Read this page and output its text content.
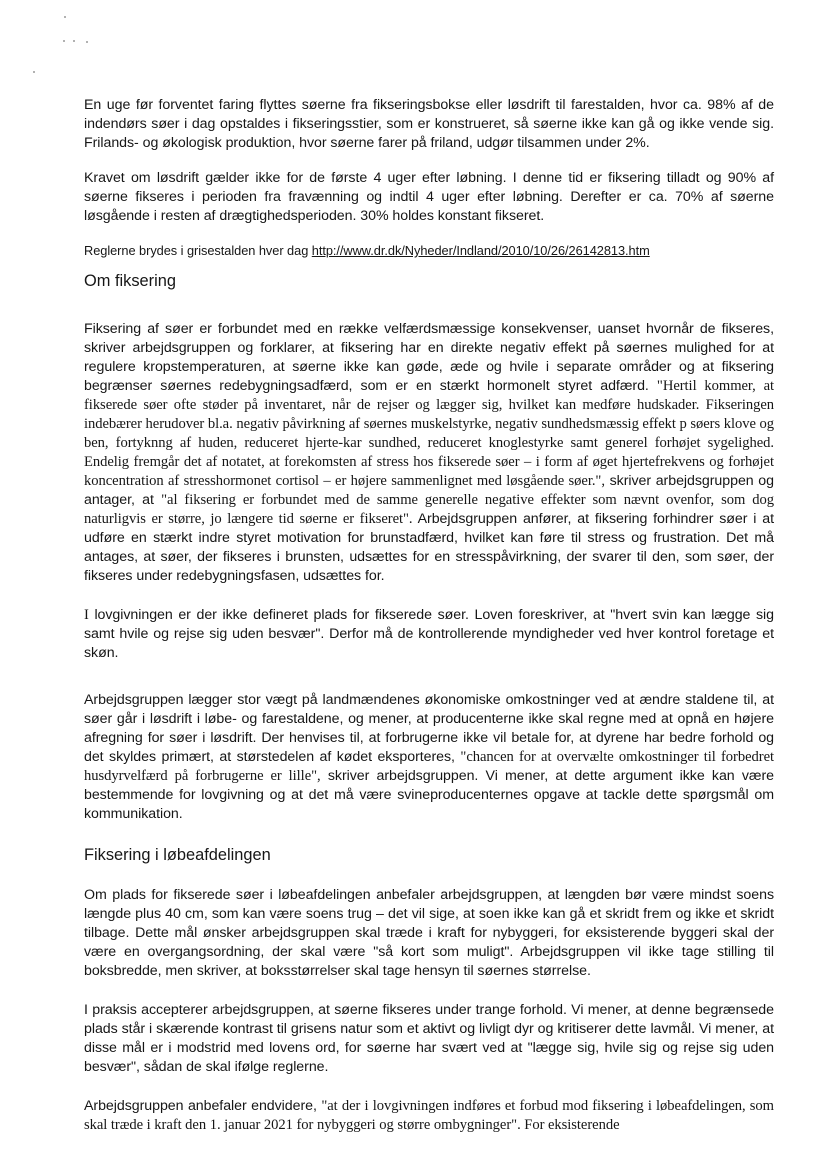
En uge før forventet faring flyttes søerne fra fikseringsbokse eller løsdrift til farestalden, hvor ca. 98% af de indendørs søer i dag opstaldes i fikseringsstier, som er konstrueret, så søerne ikke kan gå og ikke vende sig. Frilands- og økologisk produktion, hvor søerne farer på friland, udgør tilsammen under 2%.

Kravet om løsdrift gælder ikke for de første 4 uger efter løbning. I denne tid er fiksering tilladt og 90% af søerne fikseres i perioden fra fravænning og indtil 4 uger efter løbning. Derefter er ca. 70% af søerne løsgående i resten af drægtighedsperioden. 30% holdes konstant fikseret.

Reglerne brydes i grisestalden hver dag http://www.dr.dk/Nyheder/Indland/2010/10/26/26142813.htm

Om fiksering

Fiksering af søer er forbundet med en række velfærdsmæssige konsekvenser, uanset hvornår de fikseres, skriver arbejdsgruppen og forklarer, at fiksering har en direkte negativ effekt på søernes mulighed for at regulere kropstemperaturen, at søerne ikke kan gøde, æde og hvile i separate områder og at fiksering begrænser søernes redebygningsadfærd, som er en stærkt hormonelt styret adfærd. "Hertil kommer, at fikserede søer ofte støder på inventaret, når de rejser og lægger sig, hvilket kan medføre hudskader. Fikseringen indebærer herudover bl.a. negativ påvirkning af søernes muskelstyrke, negativ sundhedsmæssig effekt p søers klove og ben, fortyknng af huden, reduceret hjerte-kar sundhed, reduceret knoglestyrke samt generel forhøjet sygelighed. Endelig fremgår det af notatet, at forekomsten af stress hos fikserede søer – i form af øget hjertefrekvens og forhøjet koncentration af stresshormonet cortisol – er højere sammenlignet med løsgående søer.", skriver arbejdsgruppen og antager, at "al fiksering er forbundet med de samme generelle negative effekter som nævnt ovenfor, som dog naturligvis er større, jo længere tid søerne er fikseret". Arbejdsgruppen anfører, at fiksering forhindrer søer i at udføre en stærkt indre styret motivation for brunstadfærd, hvilket kan føre til stress og frustration. Det må antages, at søer, der fikseres i brunsten, udsættes for en stresspåvirkning, der svarer til den, som søer, der fikseres under redebygningsfasen, udsættes for.

I lovgivningen er der ikke defineret plads for fikserede søer. Loven foreskriver, at "hvert svin kan lægge sig samt hvile og rejse sig uden besvær". Derfor må de kontrollerende myndigheder ved hver kontrol foretage et skøn.

Arbejdsgruppen lægger stor vægt på landmændenes økonomiske omkostninger ved at ændre staldene til, at søer går i løsdrift i løbe- og farestaldene, og mener, at producenterne ikke skal regne med at opnå en højere afregning for søer i løsdrift. Der henvises til, at forbrugerne ikke vil betale for, at dyrene har bedre forhold og det skyldes primært, at størstedelen af kødet eksporteres, "chancen for at overvælte omkostninger til forbedret husdyrvelfærd på forbrugerne er lille", skriver arbejdsgruppen. Vi mener, at dette argument ikke kan være bestemmende for lovgivning og at det må være svineproducenternes opgave at tackle dette spørgsmål om kommunikation.

Fiksering i løbeafdelingen

Om plads for fikserede søer i løbeafdelingen anbefaler arbejdsgruppen, at længden bør være mindst soens længde plus 40 cm, som kan være soens trug – det vil sige, at soen ikke kan gå et skridt frem og ikke et skridt tilbage. Dette mål ønsker arbejdsgruppen skal træde i kraft for nybyggeri, for eksisterende byggeri skal der være en overgangsordning, der skal være "så kort som muligt". Arbejdsgruppen vil ikke tage stilling til boksbredde, men skriver, at boksstørrelser skal tage hensyn til søernes størrelse.

I praksis accepterer arbejdsgruppen, at søerne fikseres under trange forhold. Vi mener, at denne begrænsede plads står i skærende kontrast til grisens natur som et aktivt og livligt dyr og kritiserer dette lavmål. Vi mener, at disse mål er i modstrid med lovens ord, for søerne har svært ved at "lægge sig, hvile sig og rejse sig uden besvær", sådan de skal ifølge reglerne.

Arbejdsgruppen anbefaler endvidere, "at der i lovgivningen indføres et forbud mod fiksering i løbeafdelingen, som skal træde i kraft den 1. januar 2021 for nybyggeri og større ombygninger". For eksisterende
